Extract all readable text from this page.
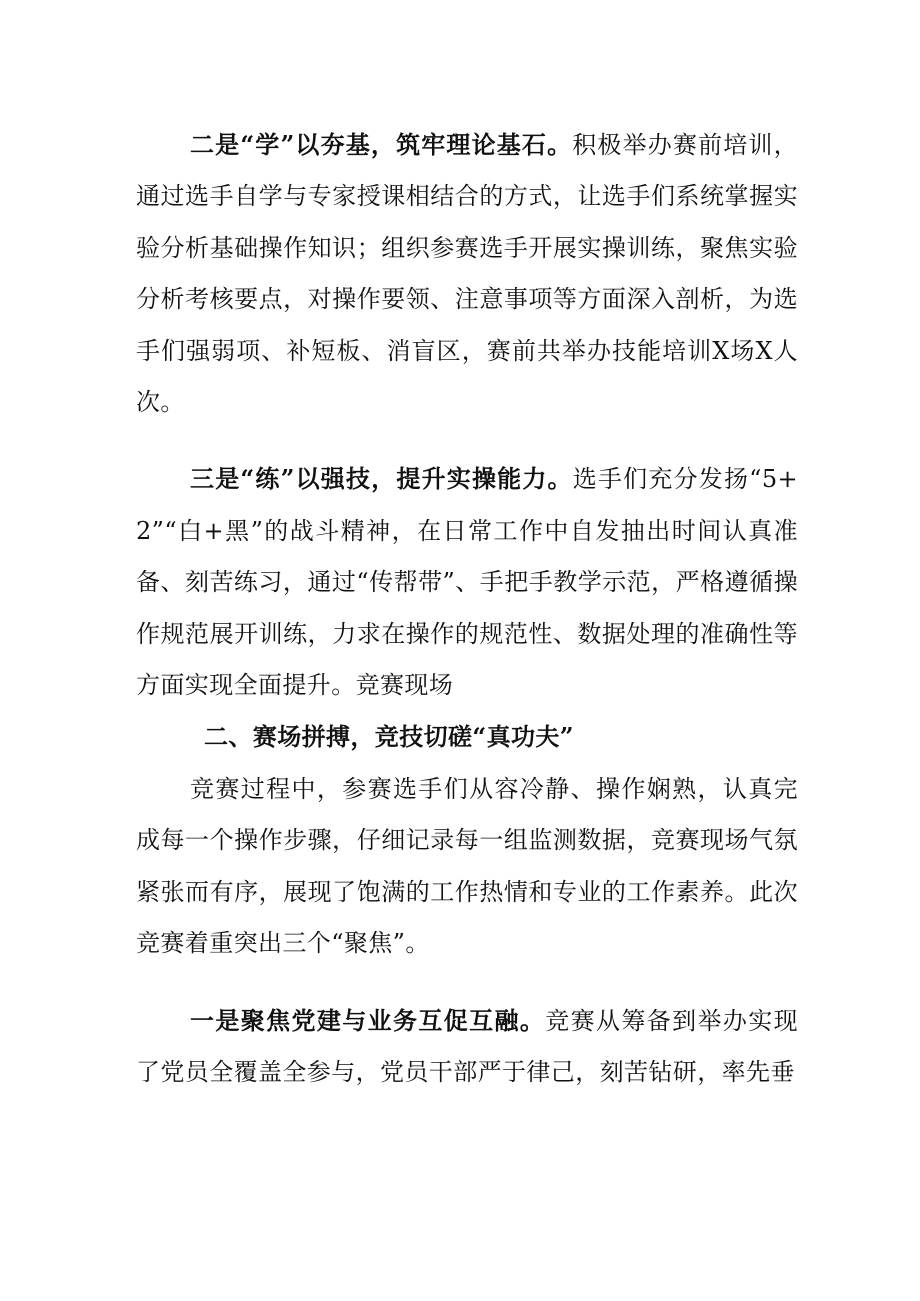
二是“学”以夯基，筑牢理论基石。积极举办赛前培训，通过选手自学与专家授课相结合的方式，让选手们系统掌握实验分析基础操作知识；组织参赛选手开展实操训练，聚焦实验分析考核要点，对操作要领、注意事项等方面深入剖析，为选手们强弱项、补短板、消盲区，赛前共举办技能培训X场X人次。

三是“练”以强技，提升实操能力。选手们充分发扬“5+2”“白+黑”的战斗精神，在日常工作中自发抽出时间认真准备、刻苦练习，通过“传帮带”、手把手教学示范，严格遵循操作规范展开训练，力求在操作的规范性、数据处理的准确性等方面实现全面提升。竞赛现场

二、赛场拼搏，竞技切磋“真功夫”

竞赛过程中，参赛选手们从容冷静、操作娴熟，认真完成每一个操作步骤，仔细记录每一组监测数据，竞赛现场气氛紧张而有序，展现了饱满的工作热情和专业的工作素养。此次竞赛着重突出三个“聚焦”。

一是聚焦党建与业务互促互融。竞赛从筹备到举办实现了党员全覆盖全参与，党员干部严于律己，刻苦钻研，率先垂
